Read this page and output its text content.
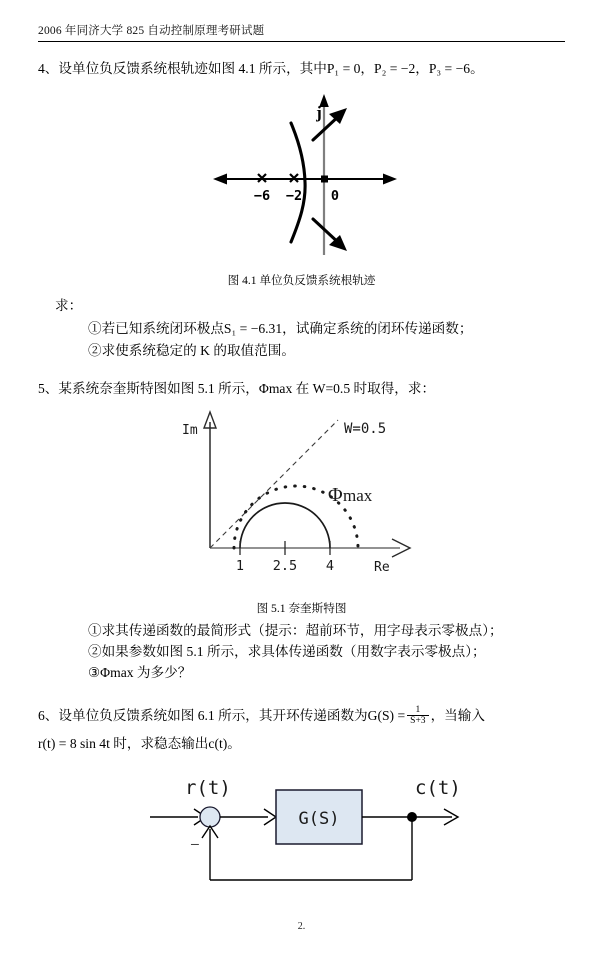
2006 年同济大学 825 自动控制原理考研试题
4、设单位负反馈系统根轨迹如图 4.1 所示，其中P₁ = 0，P₂ = −2，P₃ = −6。
j
−6 −2 0
图 4.1 单位负反馈系统根轨迹
求：
①若已知系统闭环极点S₁ = −6.31，试确定系统的闭环传递函数；
②求使系统稳定的 K 的取值范围。
5、某系统奈奎斯特图如图 5.1 所示，Φmax 在 W=0.5 时取得，求：
Im
Re
1 2.5 4
W=0.5
Φ max
图 5.1 奈奎斯特图
①求其传递函数的最简形式（提示：超前环节，用字母表示零极点）；
②如果参数如图 5.1 所示，求具体传递函数（用数字表示零极点）；
③Φmax 为多少？
6、设单位负反馈系统如图 6.1 所示，其开环传递函数为$G(S) = \frac{1}{S+3}$ ，当输入
r(t) = 8 sin 4t 时，求稳态输出c(t)。
G(S)
r(t)	c(t)
−
2.
